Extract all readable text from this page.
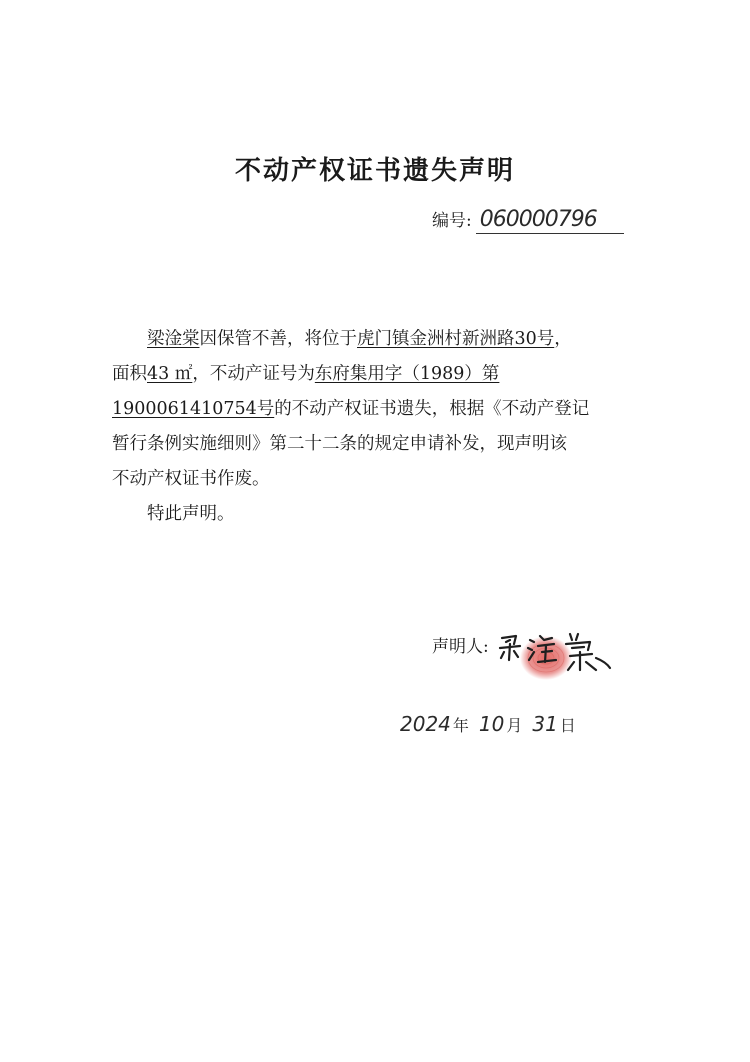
不动产权证书遗失声明
编号: 060000796
梁淦棠因保管不善，将位于虎门镇金洲村新洲路30号，
面积43 ㎡，不动产证号为东府集用字（1989）第
1900061410754号的不动产权证书遗失，根据《不动产登记
暂行条例实施细则》第二十二条的规定申请补发，现声明该
不动产权证书作废。
特此声明。
声明人:
2024 年 10 月 31 日
